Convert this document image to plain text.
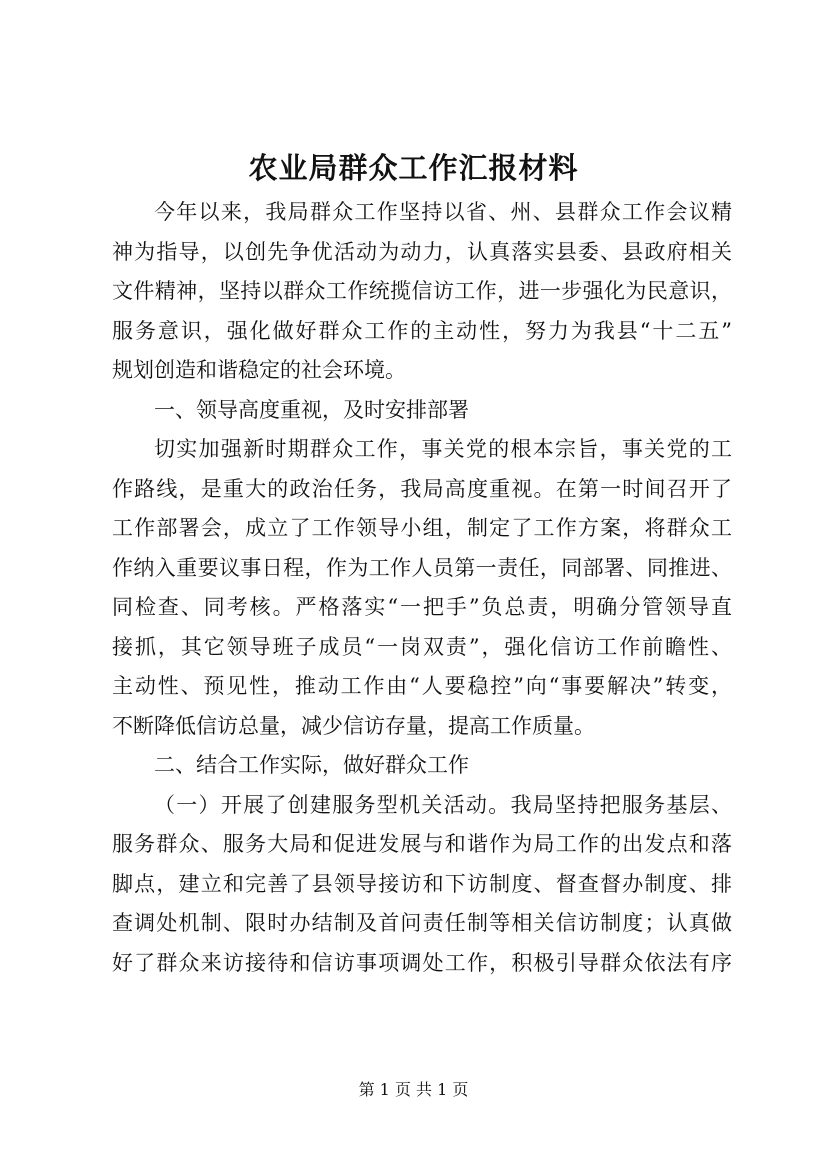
农业局群众工作汇报材料
今年以来，我局群众工作坚持以省、州、县群众工作会议精
神为指导，以创先争优活动为动力，认真落实县委、县政府相关
文件精神，坚持以群众工作统揽信访工作，进一步强化为民意识，
服务意识，强化做好群众工作的主动性，努力为我县“十二五”
规划创造和谐稳定的社会环境。
一、领导高度重视，及时安排部署
切实加强新时期群众工作，事关党的根本宗旨，事关党的工
作路线，是重大的政治任务，我局高度重视。在第一时间召开了
工作部署会，成立了工作领导小组，制定了工作方案，将群众工
作纳入重要议事日程，作为工作人员第一责任，同部署、同推进、
同检查、同考核。严格落实“一把手”负总责，明确分管领导直
接抓，其它领导班子成员“一岗双责”，强化信访工作前瞻性、
主动性、预见性，推动工作由“人要稳控”向“事要解决”转变，
不断降低信访总量，减少信访存量，提高工作质量。
二、结合工作实际，做好群众工作
（一）开展了创建服务型机关活动。我局坚持把服务基层、
服务群众、服务大局和促进发展与和谐作为局工作的出发点和落
脚点，建立和完善了县领导接访和下访制度、督查督办制度、排
查调处机制、限时办结制及首问责任制等相关信访制度；认真做
好了群众来访接待和信访事项调处工作，积极引导群众依法有序
第 1 页 共 1 页
